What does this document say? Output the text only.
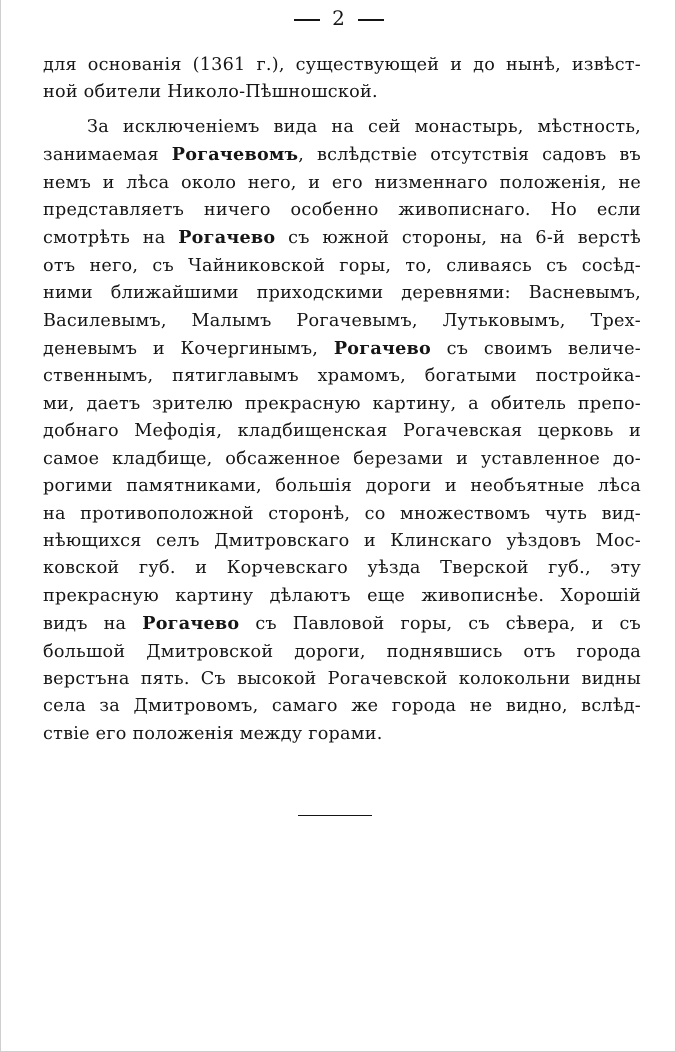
2

для основанія (1361 г.), существующей и до нынѣ, извѣст-
ной обители Николо-Пѣшношской.

За исключеніемъ вида на сей монастырь, мѣстность,
занимаемая Рогачевомъ, вслѣдствіе отсутствія садовъ въ
немъ и лѣса около него, и его низменнаго положенія, не
представляетъ ничего особенно живописнаго. Но если
смотрѣть на Рогачево съ южной стороны, на 6-й верстѣ
отъ него, съ Чайниковской горы, то, сливаясь съ сосѣд-
ними ближайшими приходскими деревнями: Васневымъ,
Василевымъ, Малымъ Рогачевымъ, Лутьковымъ, Трех-
деневымъ и Кочергинымъ, Рогачево съ своимъ величе-
ственнымъ, пятиглавымъ храмомъ, богатыми постройка-
ми, даетъ зрителю прекрасную картину, а обитель препо-
добнаго Мефодія, кладбищенская Рогачевская церковь и
самое кладбище, обсаженное березами и уставленное до-
рогими памятниками, большія дороги и необъятные лѣса
на противоположной сторонѣ, со множествомъ чуть вид-
нѣющихся селъ Дмитровскаго и Клинскаго уѣздовъ Мос-
ковской губ. и Корчевскаго уѣзда Тверской губ., эту
прекрасную картину дѣлаютъ еще живописнѣе. Хорошій
видъ на Рогачево съ Павловой горы, съ сѣвера, и съ
большой Дмитровской дороги, поднявшись отъ города
верстъна пять. Съ высокой Рогачевской колокольни видны
села за Дмитровомъ, самаго же города не видно, вслѣд-
ствіе его положенія между горами.
